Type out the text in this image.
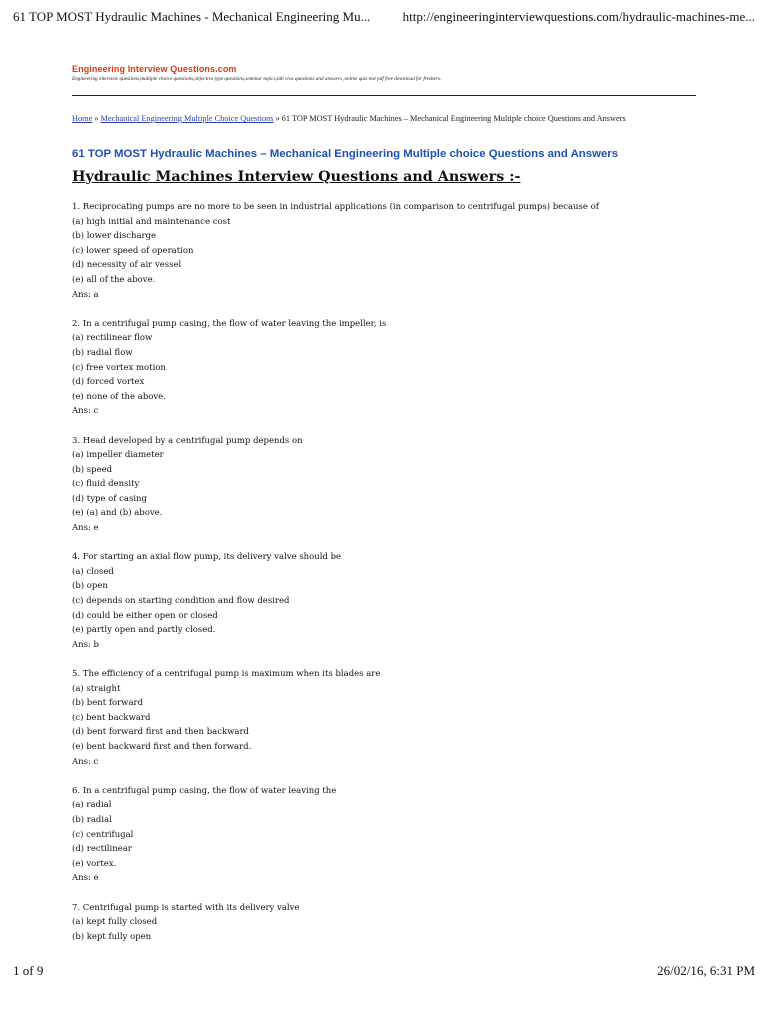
61 TOP MOST Hydraulic Machines - Mechanical Engineering Mu... http://engineeringinterviewquestions.com/hydraulic-machines-me...
Engineering Interview Questions.com
Engineering interview questions,multiple choice questions,objective type questions,seminar topics,lab viva questions and answers ,online quiz test pdf free download for freshers.
Home » Mechanical Engineering Multiple Choice Questions » 61 TOP MOST Hydraulic Machines – Mechanical Engineering Multiple choice Questions and Answers
61 TOP MOST Hydraulic Machines – Mechanical Engineering Multiple choice Questions and Answers
Hydraulic Machines Interview Questions and Answers :-
1. Reciprocating pumps are no more to be seen in industrial applications (in comparison to centrifugal pumps) because of
(a) high initial and maintenance cost
(b) lower discharge
(c) lower speed of operation
(d) necessity of air vessel
(e) all of the above.
Ans: a
2. In a centrifugal pump casing, the flow of water leaving the impeller, is
(a) rectilinear flow
(b) radial flow
(c) free vortex motion
(d) forced vortex
(e) none of the above.
Ans: c
3. Head developed by a centrifugal pump depends on
(a) impeller diameter
(b) speed
(c) fluid density
(d) type of casing
(e) (a) and (b) above.
Ans: e
4. For starting an axial flow pump, its delivery valve should be
(a) closed
(b) open
(c) depends on starting condition and flow desired
(d) could be either open or closed
(e) partly open and partly closed.
Ans: b
5. The efficiency of a centrifugal pump is maximum when its blades are
(a) straight
(b) bent forward
(c) bent backward
(d) bent forward first and then backward
(e) bent backward first and then forward.
Ans: c
6. In a centrifugal pump casing, the flow of water leaving the
(a) radial
(b) radial
(c) centrifugal
(d) rectilinear
(e) vortex.
Ans: e
7. Centrifugal pump is started with its delivery valve
(a) kept fully closed
(b) kept fully open
1 of 9	26/02/16, 6:31 PM
